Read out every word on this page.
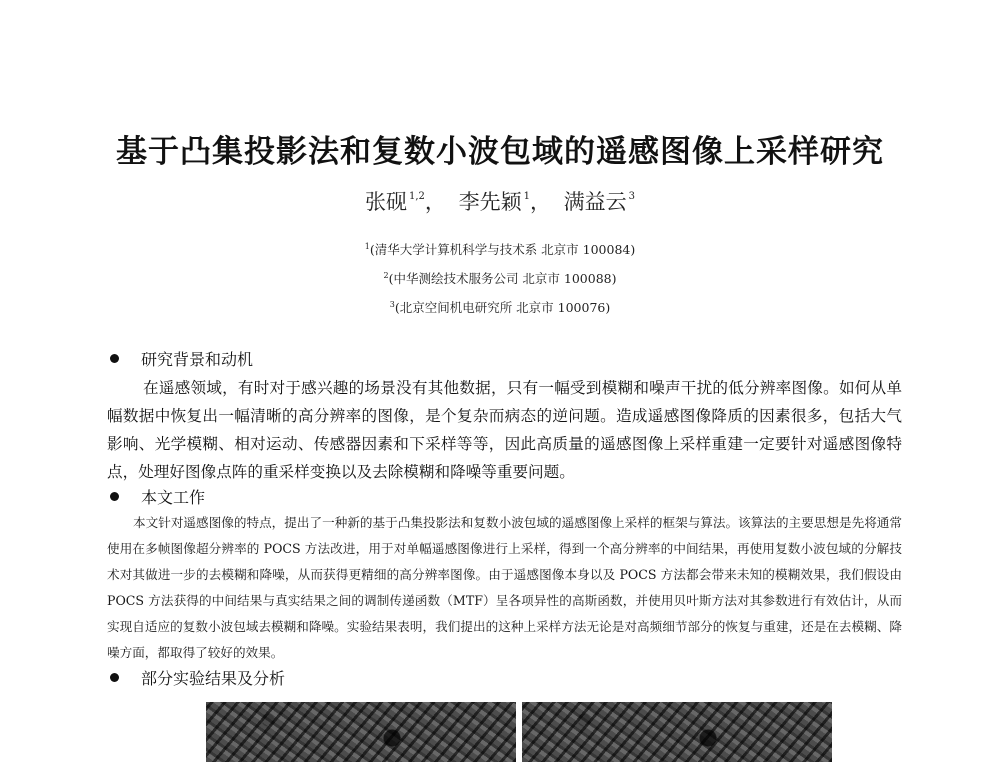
基于凸集投影法和复数小波包域的遥感图像上采样研究
张砚 $^{1,2}$， 李先颖 $^1$， 满益云 $^3$
$^1$(清华大学计算机科学与技术系 北京市 100084)
$^2$(中华测绘技术服务公司 北京市 100088)
$^3$(北京空间机电研究所 北京市 100076)
研究背景和动机
在遥感领域，有时对于感兴趣的场景没有其他数据，只有一幅受到模糊和噪声干扰的低分辨率图像。如何从单幅数据中恢复出一幅清晰的高分辨率的图像，是个复杂而病态的逆问题。造成遥感图像降质的因素很多，包括大气影响、光学模糊、相对运动、传感器因素和下采样等等，因此高质量的遥感图像上采样重建一定要针对遥感图像特点，处理好图像点阵的重采样变换以及去除模糊和降噪等重要问题。
本文工作
本文针对遥感图像的特点，提出了一种新的基于凸集投影法和复数小波包域的遥感图像上采样的框架与算法。该算法的主要思想是先将通常使用在多帧图像超分辨率的 POCS 方法改进，用于对单幅遥感图像进行上采样，得到一个高分辨率的中间结果，再使用复数小波包域的分解技术对其做进一步的去模糊和降噪，从而获得更精细的高分辨率图像。由于遥感图像本身以及 POCS 方法都会带来未知的模糊效果，我们假设由 POCS 方法获得的中间结果与真实结果之间的调制传递函数（MTF）呈各项异性的高斯函数，并使用贝叶斯方法对其参数进行有效估计，从而实现自适应的复数小波包域去模糊和降噪。实验结果表明，我们提出的这种上采样方法无论是对高频细节部分的恢复与重建，还是在去模糊、降噪方面，都取得了较好的效果。
部分实验结果及分析
